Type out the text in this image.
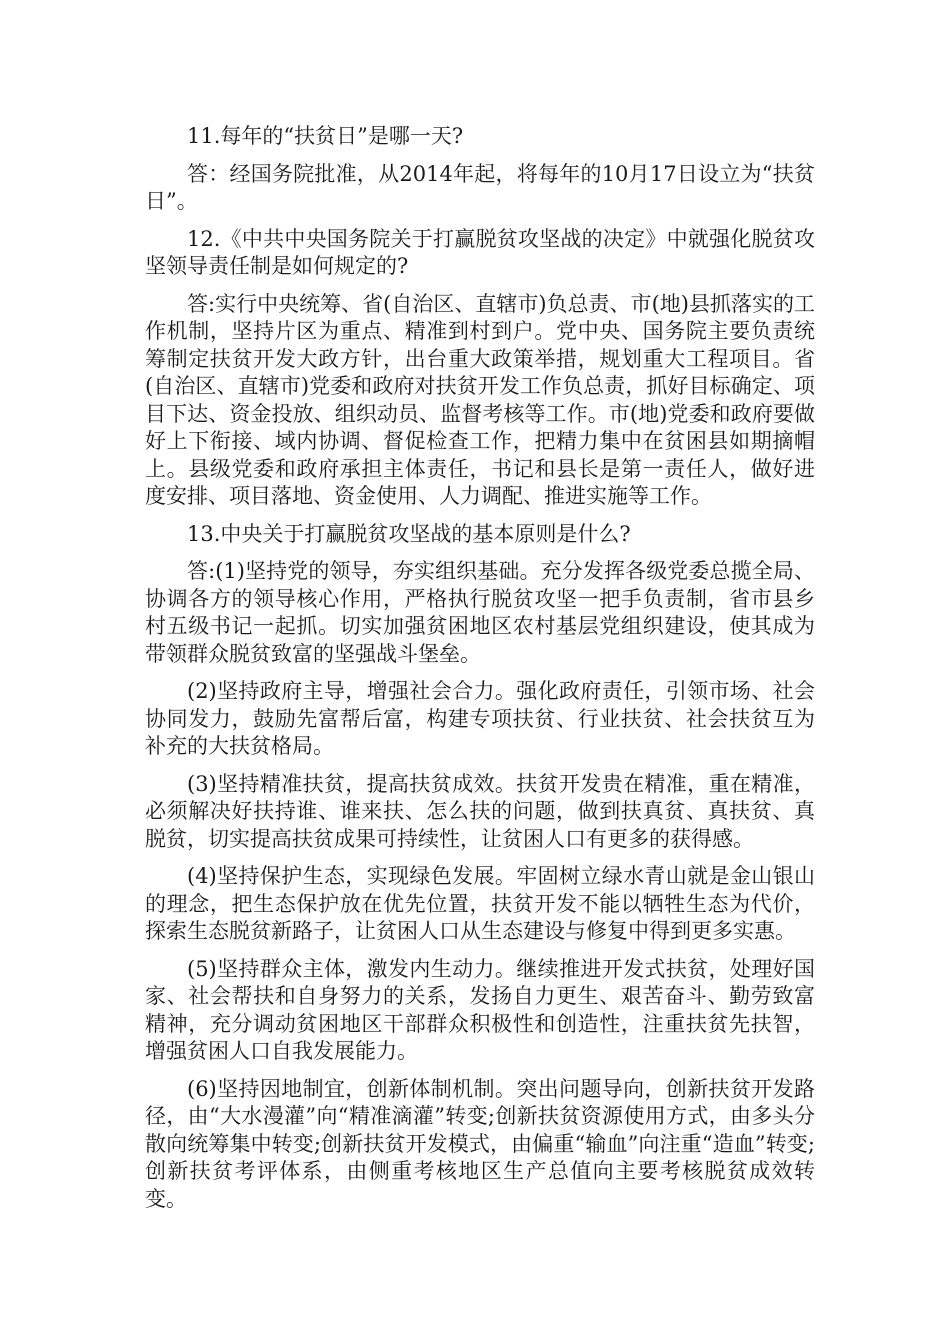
11.每年的“扶贫日”是哪一天?

答：经国务院批准，从2014年起，将每年的10月17日设立为“扶贫日”。

12.《中共中央国务院关于打赢脱贫攻坚战的决定》中就强化脱贫攻坚领导责任制是如何规定的?

答:实行中央统筹、省(自治区、直辖市)负总责、市(地)县抓落实的工作机制，坚持片区为重点、精准到村到户。党中央、国务院主要负责统筹制定扶贫开发大政方针，出台重大政策举措，规划重大工程项目。省(自治区、直辖市)党委和政府对扶贫开发工作负总责，抓好目标确定、项目下达、资金投放、组织动员、监督考核等工作。市(地)党委和政府要做好上下衔接、域内协调、督促检查工作，把精力集中在贫困县如期摘帽上。县级党委和政府承担主体责任，书记和县长是第一责任人，做好进度安排、项目落地、资金使用、人力调配、推进实施等工作。

13.中央关于打赢脱贫攻坚战的基本原则是什么?

答:(1)坚持党的领导，夯实组织基础。充分发挥各级党委总揽全局、协调各方的领导核心作用，严格执行脱贫攻坚一把手负责制，省市县乡村五级书记一起抓。切实加强贫困地区农村基层党组织建设，使其成为带领群众脱贫致富的坚强战斗堡垒。

(2)坚持政府主导，增强社会合力。强化政府责任，引领市场、社会协同发力，鼓励先富帮后富，构建专项扶贫、行业扶贫、社会扶贫互为补充的大扶贫格局。

(3)坚持精准扶贫，提高扶贫成效。扶贫开发贵在精准，重在精准，必须解决好扶持谁、谁来扶、怎么扶的问题，做到扶真贫、真扶贫、真脱贫，切实提高扶贫成果可持续性，让贫困人口有更多的获得感。

(4)坚持保护生态，实现绿色发展。牢固树立绿水青山就是金山银山的理念，把生态保护放在优先位置，扶贫开发不能以牺牲生态为代价，探索生态脱贫新路子，让贫困人口从生态建设与修复中得到更多实惠。

(5)坚持群众主体，激发内生动力。继续推进开发式扶贫，处理好国家、社会帮扶和自身努力的关系，发扬自力更生、艰苦奋斗、勤劳致富精神，充分调动贫困地区干部群众积极性和创造性，注重扶贫先扶智，增强贫困人口自我发展能力。

(6)坚持因地制宜，创新体制机制。突出问题导向，创新扶贫开发路径，由“大水漫灌”向“精准滴灌”转变;创新扶贫资源使用方式，由多头分散向统筹集中转变;创新扶贫开发模式，由偏重“输血”向注重“造血”转变;创新扶贫考评体系，由侧重考核地区生产总值向主要考核脱贫成效转变。
